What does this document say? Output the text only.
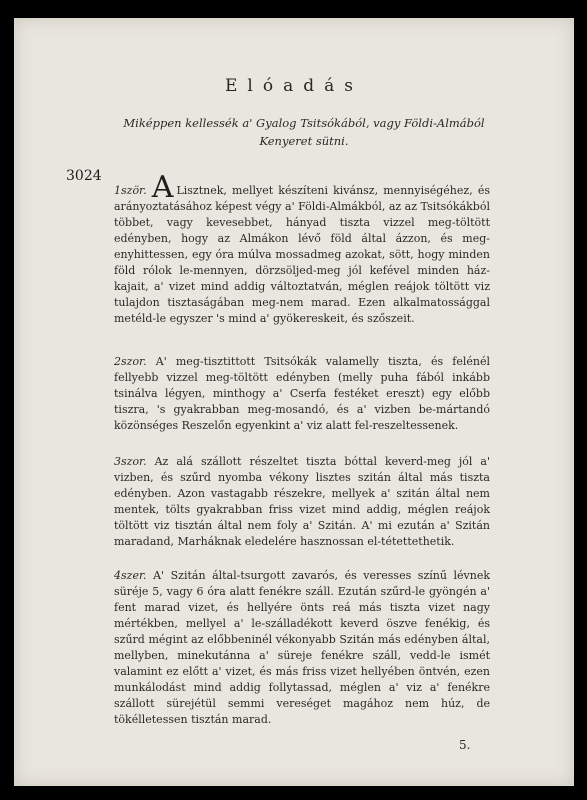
Elóadás
Miképpen kellessék a' Gyalog Tsitsókából, vagy Földi-Almából Kenyeret sütni.
3024
1ször. A Lisztnek, mellyet készíteni kivánsz, mennyiségéhez, és arányoztatásához képest végy a' Földi-Almákból, az az Tsitsókákból többet, vagy kevesebbet, hányad tiszta vizzel meg-töltött edényben, hogy az Almákon lévő föld által ázzon, és meg-enyhittessen, egy óra múlva mossadmeg azokat, sött, hogy minden föld rólok le-mennyen, dörzsöljed-meg jól kefével minden ház-kajait, a' vizet mind addig változtatván, méglen reájok töltött viz tulajdon tisztaságában meg-nem marad. Ezen alkalmatossággal metéld-le egyszer 's mind a' gyökereskeit, és szőszeit.
2szor. A' meg-tisztittott Tsitsókák valamelly tiszta, és felénél fellyebb vizzel meg-töltött edényben (melly puha fából inkább tsinálva légyen, minthogy a' Cserfa festéket ereszt) egy előbb tiszra, 's gyakrabban meg-mosandó, és a' vizben be-mártandó közönséges Reszelőn egyenkint a' viz alatt fel-reszeltessenek.
3szor. Az alá szállott részeltet tiszta bóttal keverd-meg jól a' vizben, és szűrd nyomba vékony lisztes szitán által más tiszta edényben. Azon vastagabb részekre, mellyek a' szitán által nem mentek, tölts gyakrabban friss vizet mind addig, méglen reájok töltött viz tisztán által nem foly a' Szitán. A' mi ezután a' Szitán maradand, Marháknak eledelére hasznossan el-tétettethetik.
4szer. A' Szitán által-tsurgott zavarós, és veresses színű lévnek süréje 5, vagy 6 óra alatt fenékre száll. Ezután szűrd-le gyöngén a' fent marad vizet, és hellyére önts reá más tiszta vizet nagy mértékben, mellyel a' le-szálladékott keverd öszve fenékig, és szűrd mégint az előbbeninél vékonyabb Szitán más edényben által, mellyben, minekutánna a' süreje fenékre száll, vedd-le ismét valamint ez előtt a' vizet, és más friss vizet hellyében öntvén, ezen munkálodást mind addig follytassad, méglen a' viz a' fenékre szállott sürejétül semmi vereséget magához nem húz, de tökélletessen tisztán marad.
5.
